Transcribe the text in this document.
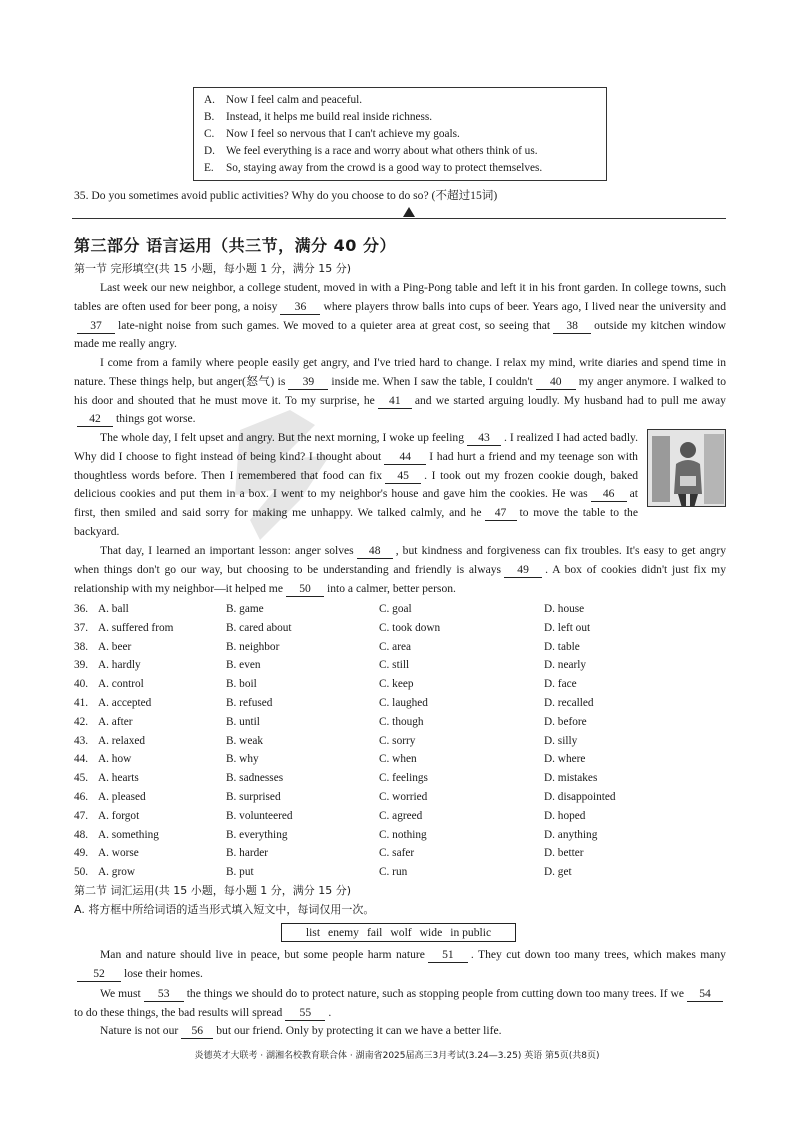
A. Now I feel calm and peaceful.
B. Instead, it helps me build real inside richness.
C. Now I feel so nervous that I can't achieve my goals.
D. We feel everything is a race and worry about what others think of us.
E. So, staying away from the crowd is a good way to protect themselves.
35. Do you sometimes avoid public activities? Why do you choose to do so? (不超过15词)
第三部分 语言运用（共三节，满分 40 分）
第一节 完形填空(共 15 小题，每小题 1 分，满分 15 分)
Last week our new neighbor, a college student, moved in with a Ping-Pong table and left it in his front garden. In college towns, such tables are often used for beer pong, a noisy 36 where players throw balls into cups of beer. Years ago, I lived near the university and37 late-night noise from such games. We moved to a quieter area at great cost, so seeing that 38 outside my kitchen window made me really angry.
I come from a family where people easily get angry, and I've tried hard to change. I relax my mind, write diaries and spend time in nature. These things help, but anger(怒气) is 39 inside me. When I saw the table, I couldn't 40 my anger anymore. I walked to his door and shouted that he must move it. To my surprise, he 41 and we started arguing loudly. My husband had to pull me away42 things got worse.
The whole day, I felt upset and angry. But the next morning, I woke up feeling 43 . I realized I had acted badly. Why did I choose to fight instead of being kind? I thought about 44 I had hurt a friend and my teenage son with thoughtless words before. Then I remembered that food can fix 45 . I took out my frozen cookie dough, baked delicious cookies and put them in a box. I went to my neighbor's house and gave him the cookies. He was 46 at first, then smiled and said sorry for making me unhappy. We talked calmly, and he 47 to move the table to the backyard.
That day, I learned an important lesson: anger solves 48 , but kindness and forgiveness can fix troubles. It's easy to get angry when things don't go our way, but choosing to be understanding and friendly is always 49 . A box of cookies didn't just fix my relationship with my neighbor—it helped me 50 into a calmer, better person.
36. A. ball	B. game	C. goal	D. house
37. A. suffered from	B. cared about	C. took down	D. left out
38. A. beer	B. neighbor	C. area	D. table
39. A. hardly	B. even	C. still	D. nearly
40. A. control	B. boil	C. keep	D. face
41. A. accepted	B. refused	C. laughed	D. recalled
42. A. after	B. until	C. though	D. before
43. A. relaxed	B. weak	C. sorry	D. silly
44. A. how	B. why	C. when	D. where
45. A. hearts	B. sadnesses	C. feelings	D. mistakes
46. A. pleased	B. surprised	C. worried	D. disappointed
47. A. forgot	B. volunteered	C. agreed	D. hoped
48. A. something	B. everything	C. nothing	D. anything
49. A. worse	B. harder	C. safer	D. better
50. A. grow	B. put	C. run	D. get
第二节 词汇运用(共 15 小题，每小题 1 分，满分 15 分)
A. 将方框中所给词语的适当形式填入短文中，每词仅用一次。
list enemy fail wolf wide in public
Man and nature should live in peace, but some people harm nature 51 . They cut down too many trees, which makes many52 lose their homes.
We must 53 the things we should do to protect nature, such as stopping people from cutting down too many trees. If we 54to do these things, the bad results will spread 55 .
Nature is not our 56 but our friend. Only by protecting it can we have a better life.
炎德英才大联考 · 湖湘名校教育联合体 · 湖南省2025届高三3月考试(3.24—3.25) 英语 第5页(共8页)
